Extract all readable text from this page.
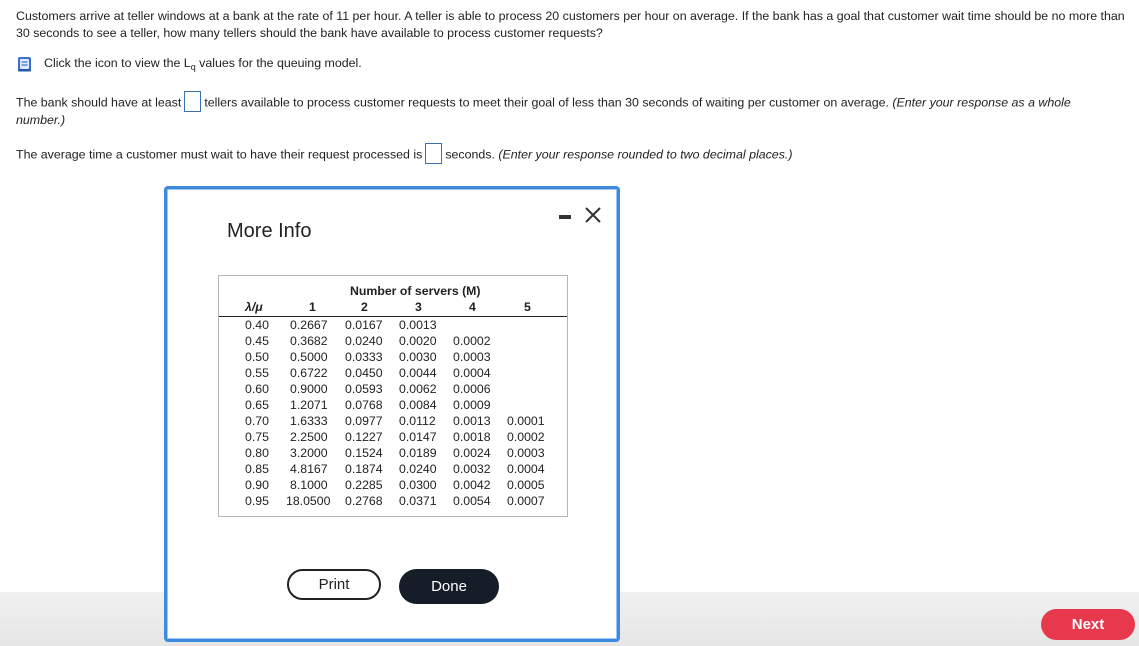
Customers arrive at teller windows at a bank at the rate of 11 per hour. A teller is able to process 20 customers per hour on average. If the bank has a goal that customer wait time should be no more than 30 seconds to see a teller, how many tellers should the bank have available to process customer requests?
Click the icon to view the $L_q$ values for the queuing model.
The bank should have at least tellers available to process customer requests to meet their goal of less than 30 seconds of waiting per customer on average. (Enter your response as a whole number.)
The average time a customer must wait to have their request processed is seconds. (Enter your response rounded to two decimal places.)
Next
More Info
Number of servers (M)
λ/μ	1	2	3	4	5
0.40 0.2667 0.0167 0.0013
0.45 0.3682 0.0240 0.0020 0.0002
0.50 0.5000 0.0333 0.0030 0.0003
0.55 0.6722 0.0450 0.0044 0.0004
0.60 0.9000 0.0593 0.0062 0.0006
0.65 1.2071 0.0768 0.0084 0.0009
0.70 1.6333 0.0977 0.0112 0.0013 0.0001
0.75 2.2500 0.1227 0.0147 0.0018 0.0002
0.80 3.2000 0.1524 0.0189 0.0024 0.0003
0.85 4.8167 0.1874 0.0240 0.0032 0.0004
0.90 8.1000 0.2285 0.0300 0.0042 0.0005
0.95 18.0500 0.2768 0.0371 0.0054 0.0007
Print	Done
